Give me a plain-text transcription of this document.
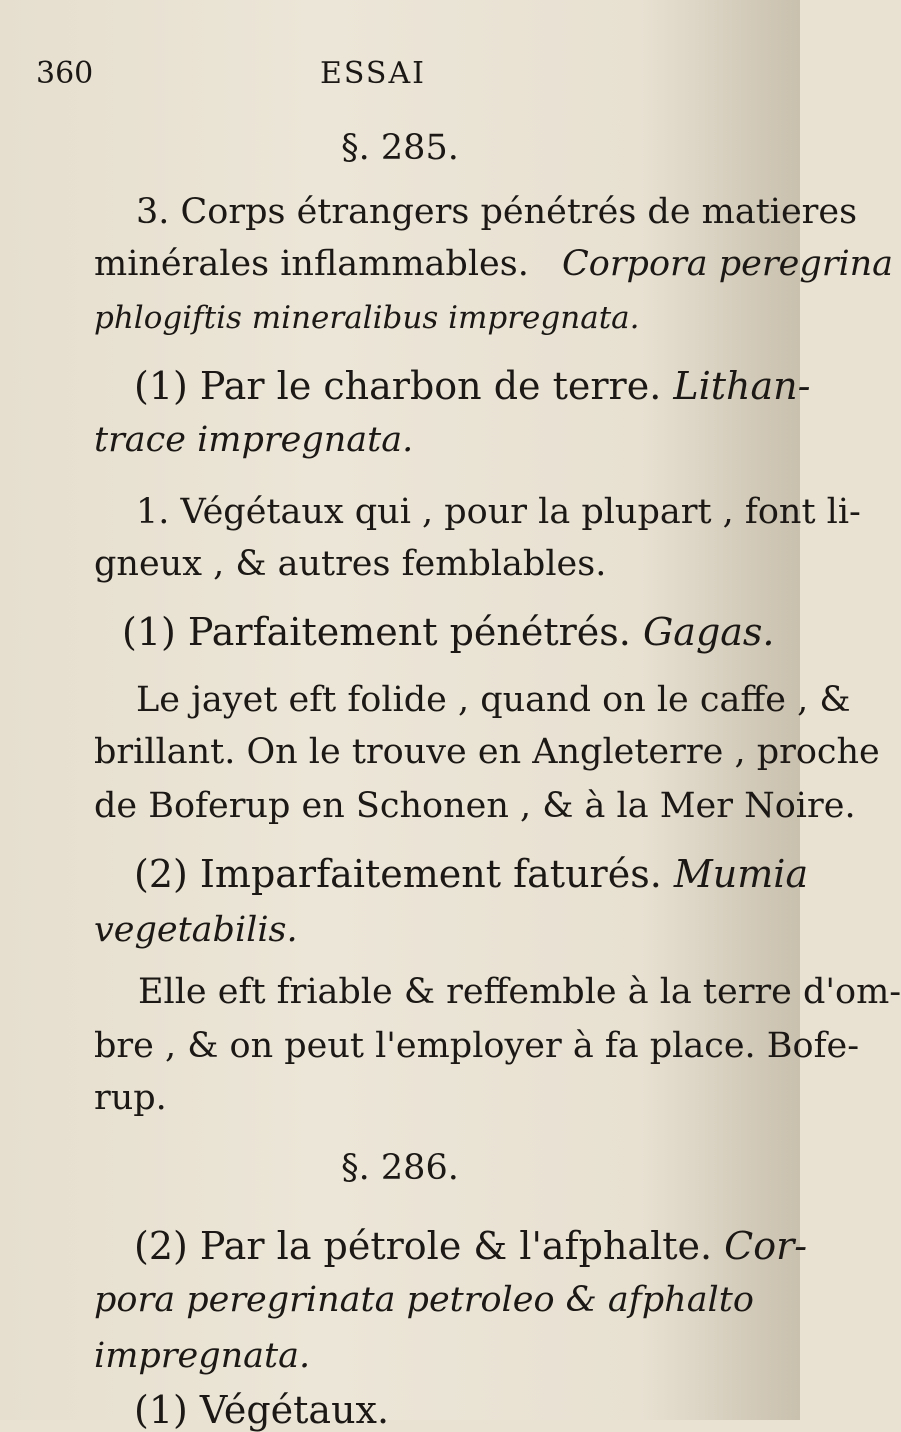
360	ESSAI
§. 285.
3. Corps étrangers pénétrés de matieres
minérales inflammables. Corpora peregrina
phlogiftis mineralibus impregnata.
(1) Par le charbon de terre. Lithan-
trace impregnata.
1. Végétaux qui , pour la plupart , font li-
gneux , & autres femblables.
(1) Parfaitement pénétrés. Gagas.
Le jayet eft folide , quand on le caffe , &
brillant. On le trouve en Angleterre , proche
de Boferup en Schonen , & à la Mer Noire.
(2) Imparfaitement faturés. Mumia
vegetabilis.
Elle eft friable & reffemble à la terre d'om-
bre , & on peut l'employer à fa place. Bofe-
rup.
§. 286.
(2) Par la pétrole & l'afphalte. Cor-
pora peregrinata petroleo & afphalto
impregnata.
(1) Végétaux.
